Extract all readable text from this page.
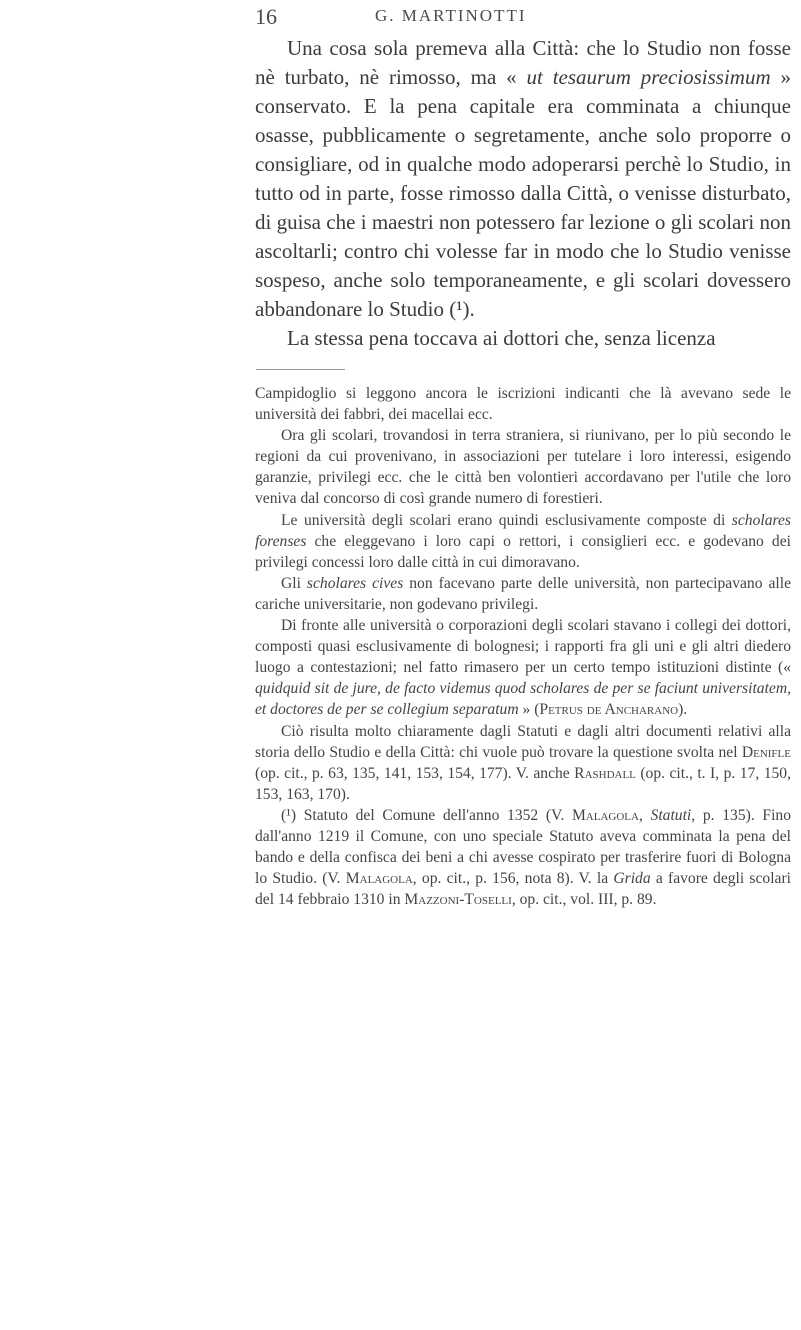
16	G. MARTINOTTI

Una cosa sola premeva alla Città: che lo Studio non fosse nè turbato, nè rimosso, ma « ut tesaurum preciosissimum » conservato. E la pena capitale era comminata a chiunque osasse, pubblicamente o segretamente, anche solo proporre o consigliare, od in qualche modo adoperarsi perchè lo Studio, in tutto od in parte, fosse rimosso dalla Città, o venisse disturbato, di guisa che i maestri non potessero far lezione o gli scolari non ascoltarli; contro chi volesse far in modo che lo Studio venisse sospeso, anche solo temporaneamente, e gli scolari dovessero abbandonare lo Studio (¹).

La stessa pena toccava ai dottori che, senza licenza

Campidoglio si leggono ancora le iscrizioni indicanti che là avevano sede le università dei fabbri, dei macellai ecc.

Ora gli scolari, trovandosi in terra straniera, si riunivano, per lo più secondo le regioni da cui provenivano, in associazioni per tutelare i loro interessi, esigendo garanzie, privilegi ecc. che le città ben volontieri accordavano per l'utile che loro veniva dal concorso di così grande numero di forestieri.

Le università degli scolari erano quindi esclusivamente composte di scholares forenses che eleggevano i loro capi o rettori, i consiglieri ecc. e godevano dei privilegi concessi loro dalle città in cui dimoravano.

Gli scholares cives non facevano parte delle università, non partecipavano alle cariche universitarie, non godevano privilegi.

Di fronte alle università o corporazioni degli scolari stavano i collegi dei dottori, composti quasi esclusivamente di bolognesi; i rapporti fra gli uni e gli altri diedero luogo a contestazioni; nel fatto rimasero per un certo tempo istituzioni distinte (« quidquid sit de jure, de facto videmus quod scholares de per se faciunt universitatem, et doctores de per se collegium separatum » (Petrus de Ancharano).

Ciò risulta molto chiaramente dagli Statuti e dagli altri documenti relativi alla storia dello Studio e della Città: chi vuole può trovare la questione svolta nel Denifle (op. cit., p. 63, 135, 141, 153, 154, 177). V. anche Rashdall (op. cit., t. I, p. 17, 150, 153, 163, 170).

(¹) Statuto del Comune dell'anno 1352 (V. Malagola, Statuti, p. 135). Fino dall'anno 1219 il Comune, con uno speciale Statuto aveva comminata la pena del bando e della confisca dei beni a chi avesse cospirato per trasferire fuori di Bologna lo Studio. (V. Malagola, op. cit., p. 156, nota 8). V. la Grida a favore degli scolari del 14 febbraio 1310 in Mazzoni-Toselli, op. cit., vol. III, p. 89.
